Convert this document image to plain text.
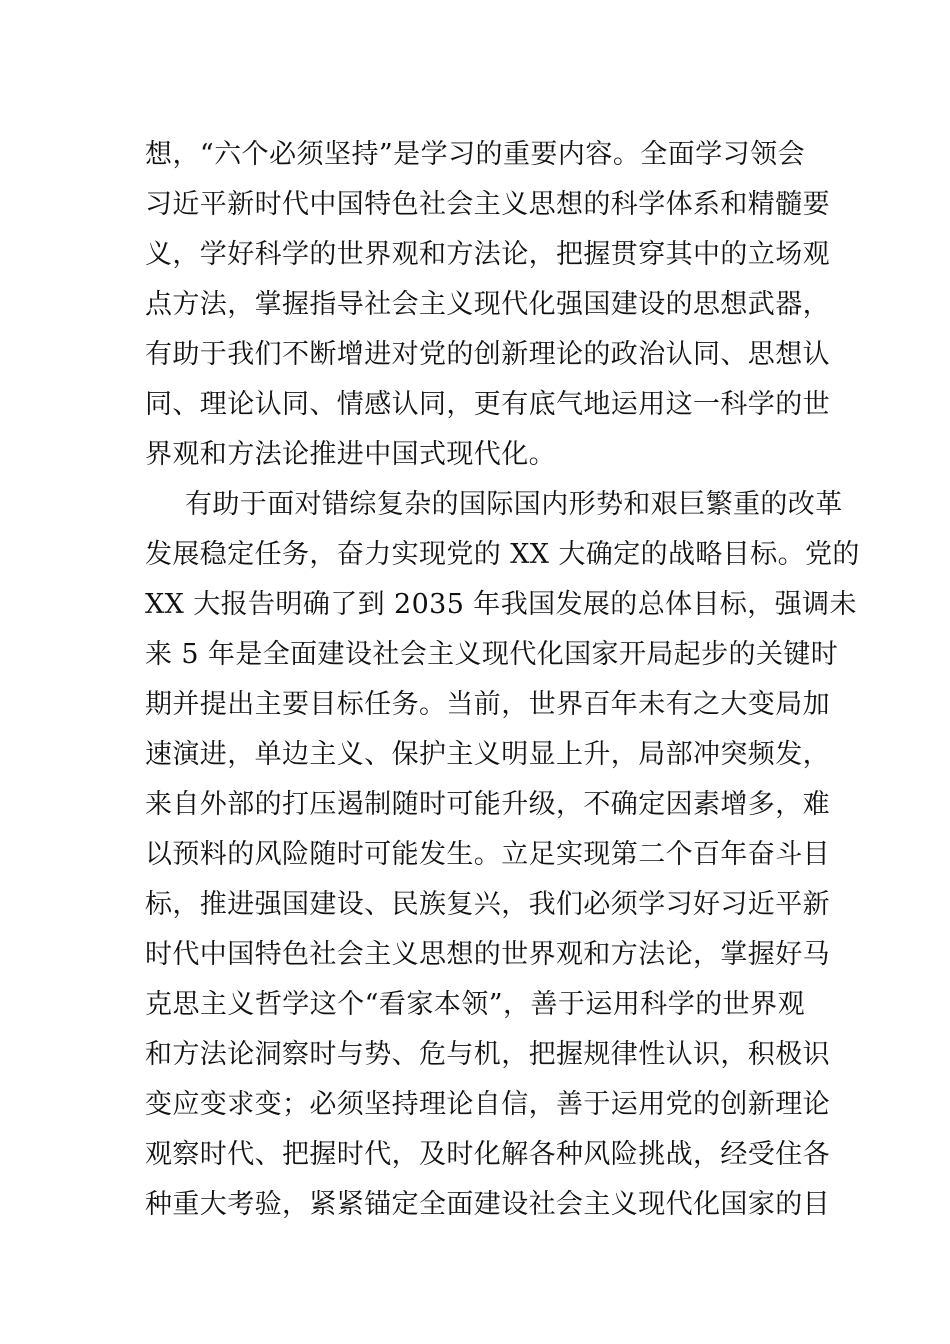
想，“六个必须坚持”是学习的重要内容。全面学习领会
习近平新时代中国特色社会主义思想的科学体系和精髓要
义，学好科学的世界观和方法论，把握贯穿其中的立场观
点方法，掌握指导社会主义现代化强国建设的思想武器，
有助于我们不断增进对党的创新理论的政治认同、思想认
同、理论认同、情感认同，更有底气地运用这一科学的世
界观和方法论推进中国式现代化。
有助于面对错综复杂的国际国内形势和艰巨繁重的改革
发展稳定任务，奋力实现党的 XX 大确定的战略目标。党的
XX 大报告明确了到 2035 年我国发展的总体目标，强调未
来 5 年是全面建设社会主义现代化国家开局起步的关键时
期并提出主要目标任务。当前，世界百年未有之大变局加
速演进，单边主义、保护主义明显上升，局部冲突频发，
来自外部的打压遏制随时可能升级，不确定因素增多，难
以预料的风险随时可能发生。立足实现第二个百年奋斗目
标，推进强国建设、民族复兴，我们必须学习好习近平新
时代中国特色社会主义思想的世界观和方法论，掌握好马
克思主义哲学这个“看家本领”，善于运用科学的世界观
和方法论洞察时与势、危与机，把握规律性认识，积极识
变应变求变；必须坚持理论自信，善于运用党的创新理论
观察时代、把握时代，及时化解各种风险挑战，经受住各
种重大考验，紧紧锚定全面建设社会主义现代化国家的目
